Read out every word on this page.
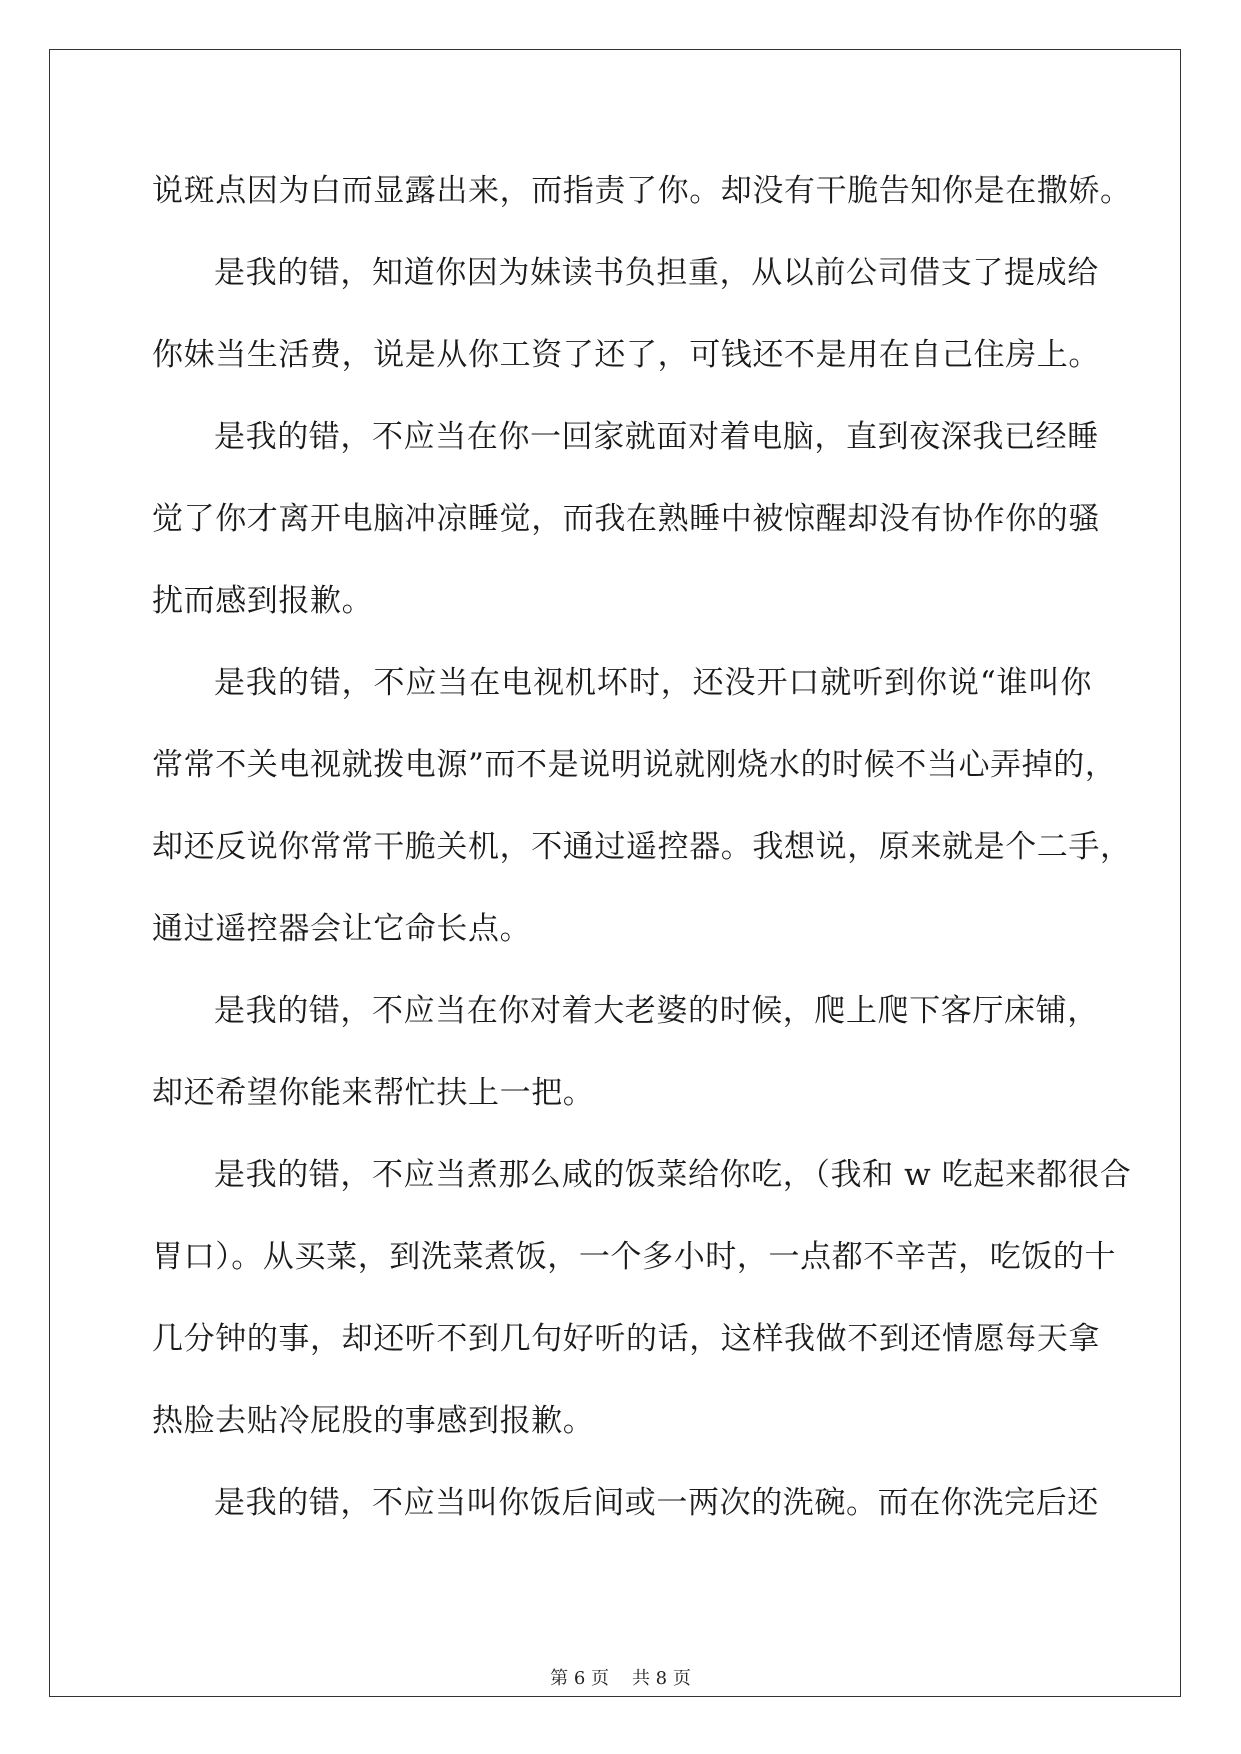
说斑点因为白而显露出来，而指责了你。却没有干脆告知你是在撒娇。
是我的错，知道你因为妹读书负担重，从以前公司借支了提成给
你妹当生活费，说是从你工资了还了，可钱还不是用在自己住房上。
是我的错，不应当在你一回家就面对着电脑，直到夜深我已经睡
觉了你才离开电脑冲凉睡觉，而我在熟睡中被惊醒却没有协作你的骚
扰而感到报歉。
是我的错，不应当在电视机坏时，还没开口就听到你说“谁叫你
常常不关电视就拨电源”而不是说明说就刚烧水的时候不当心弄掉的，
却还反说你常常干脆关机，不通过遥控器。我想说，原来就是个二手，
通过遥控器会让它命长点。
是我的错，不应当在你对着大老婆的时候，爬上爬下客厅床铺，
却还希望你能来帮忙扶上一把。
是我的错，不应当煮那么咸的饭菜给你吃，（我和 w 吃起来都很合
胃口）。从买菜，到洗菜煮饭，一个多小时，一点都不辛苦，吃饭的十
几分钟的事，却还听不到几句好听的话，这样我做不到还情愿每天拿
热脸去贴冷屁股的事感到报歉。
是我的错，不应当叫你饭后间或一两次的洗碗。而在你洗完后还
第 6 页    共 8 页
